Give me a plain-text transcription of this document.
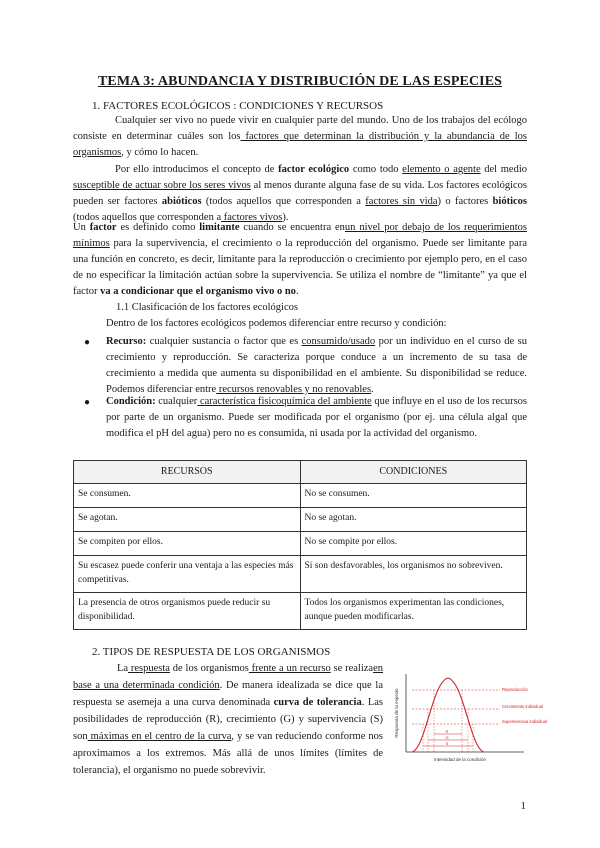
TEMA 3: ABUNDANCIA Y DISTRIBUCIÓN DE LAS ESPECIES
1. FACTORES ECOLÓGICOS : CONDICIONES Y RECURSOS
Cualquier ser vivo no puede vivir en cualquier parte del mundo. Uno de los trabajos del ecólogo consiste en determinar cuáles son los factores que determinan la distribución y la abundancia de los organismos, y cómo lo hacen.
Por ello introducimos el concepto de factor ecológico como todo elemento o agente del medio susceptible de actuar sobre los seres vivos al menos durante alguna fase de su vida. Los factores ecológicos pueden ser factores abióticos (todos aquellos que corresponden a factores sin vida) o factores bióticos (todos aquellos que corresponden a factores vivos).
Un factor es definido como limitante cuando se encuentra enun nivel por debajo de los requerimientos mínimos para la supervivencia, el crecimiento o la reproducción del organismo. Puede ser limitante para una función en concreto, es decir, limitante para la reproducción o crecimiento por ejemplo pero, en el caso de no especificar la limitación actúan sobre la supervivencia. Se utiliza el nombre de “limitante” ya que el factor va a condicionar que el organismo vivo o no.
1.1 Clasificación de los factores ecológicos
Dentro de los factores ecológicos podemos diferenciar entre recurso y condición:
● Recurso: cualquier sustancia o factor que es consumido/usado por un individuo en el curso de su crecimiento y reproducción. Se caracteriza porque conduce a un incremento de su tasa de crecimiento a medida que aumenta su disponibilidad en el ambiente. Su disponibilidad se reduce. Podemos diferenciar entre recursos renovables y no renovables.
● Condición: cualquier característica fisicoquímica del ambiente que influye en el uso de los recursos por parte de un organismo. Puede ser modificada por el organismo (por ej. una célula algal que modifica el pH del agua) pero no es consumida, ni usada por la actividad del organismo.
RECURSOS	CONDICIONES
Se consumen.	No se consumen.
Se agotan.	No se agotan.
Se compiten por ellos.	No se compite por ellos.
Su escasez puede conferir una ventaja a las especies más competitivas.	Si son desfavorables, los organismos no sobreviven.
La presencia de otros organismos puede reducir su disponibilidad.	Todos los organismos experimentan las condiciones, aunque pueden modificarlas.
2. TIPOS DE RESPUESTA DE LOS ORGANISMOS
La respuesta de los organismos frente a un recurso se realizaen base a una determinada condición. De manera idealizada se dice que la respuesta se asemeja a una curva denominada curva de tolerancia. Las posibilidades de reproducción (R), crecimiento (G) y supervivencia (S) son máximas en el centro de la curva, y se van reduciendo conforme nos aproximamos a los extremos. Más allá de unos límites (límites de tolerancia), el organismo no puede sobrevivir.
Respuesta de la especie
Intensidad de la condición
R
G
S
Reproducción
Crecimiento individual
Supervivencia individual
1
